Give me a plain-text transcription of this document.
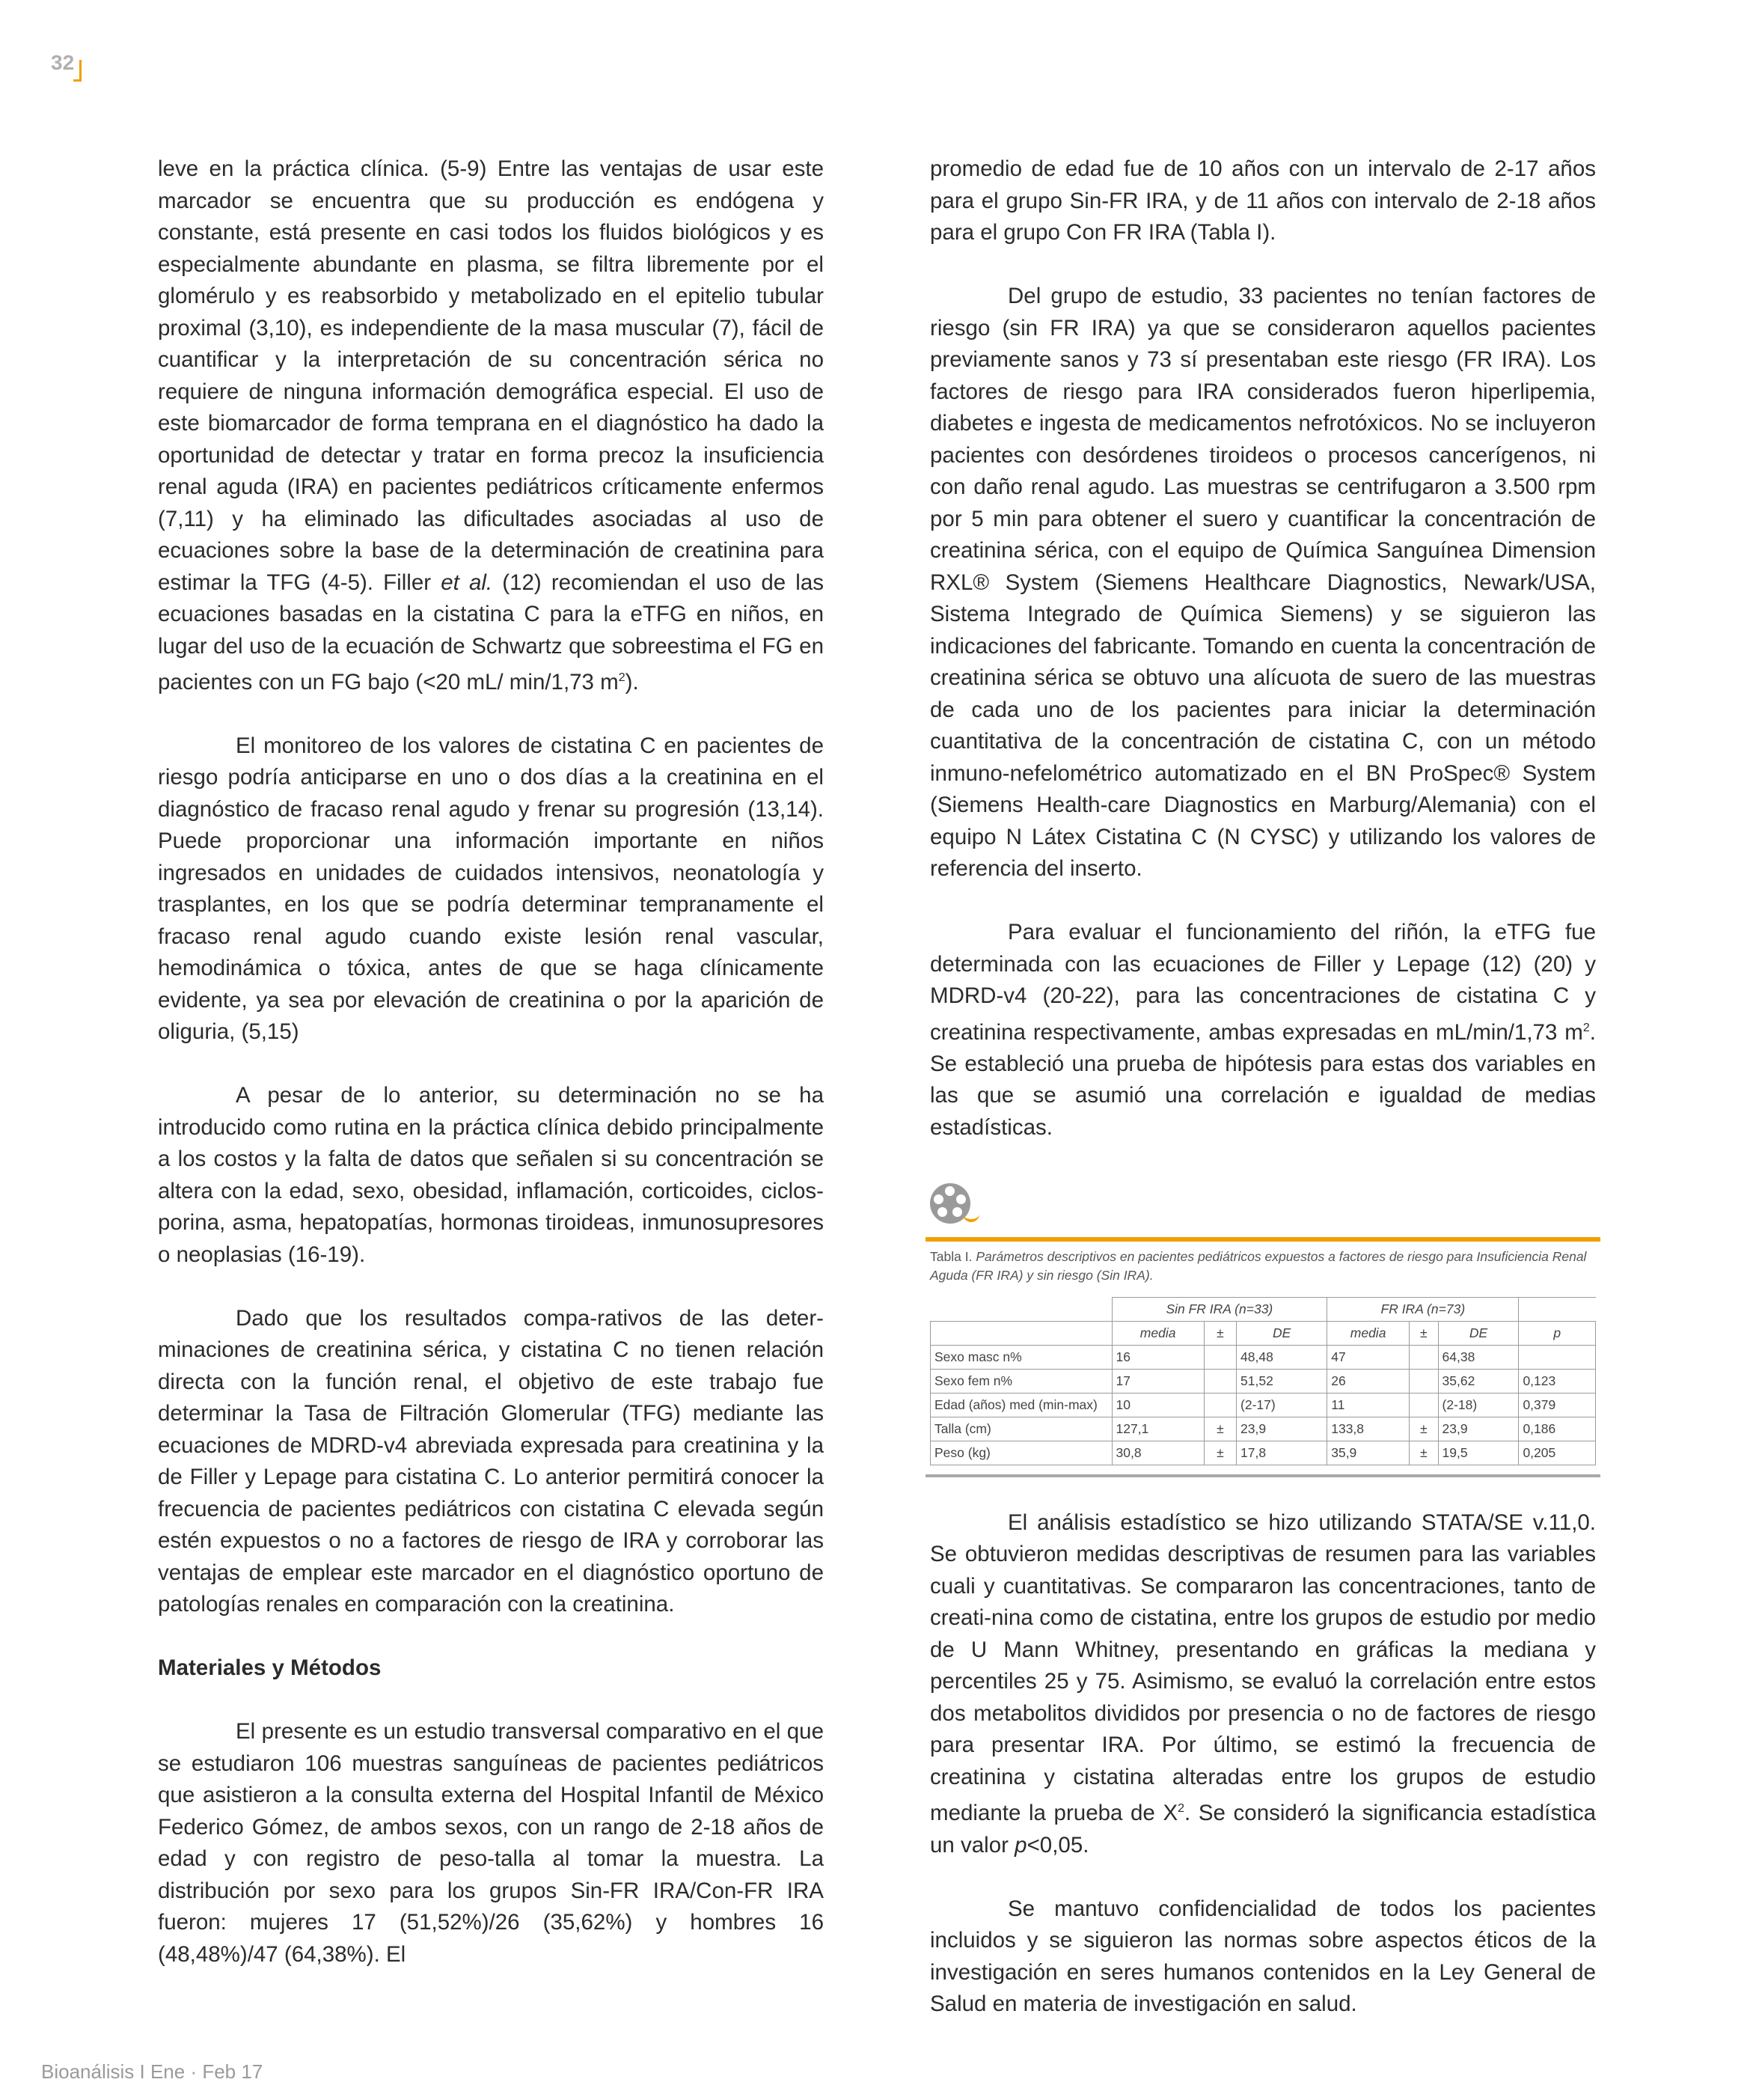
32

leve en la práctica clínica. (5-9) Entre las ventajas de usar este marcador se encuentra que su producción es endógena y constante, está presente en casi todos los fluidos biológicos y es especialmente abundante en plasma, se filtra libremente por el glomérulo y es reabsorbido y metabolizado en el epitelio tubular proximal (3,10), es independiente de la masa muscular (7), fácil de cuantificar y la interpretación de su concentración sérica no requiere de ninguna información demográfica especial. El uso de este biomarcador de forma temprana en el diagnóstico ha dado la oportunidad de detectar y tratar en forma precoz la insuficiencia renal aguda (IRA) en pacientes pediátricos críticamente enfermos (7,11) y ha eliminado las dificultades asociadas al uso de ecuaciones sobre la base de la determinación de creatinina para estimar la TFG (4-5). Filler et al. (12) recomiendan el uso de las ecuaciones basadas en la cistatina C para la eTFG en niños, en lugar del uso de la ecuación de Schwartz que sobreestima el FG en pacientes con un FG bajo (<20 mL/ min/1,73 $m^2$).

El monitoreo de los valores de cistatina C en pacientes de riesgo podría anticiparse en uno o dos días a la creatinina en el diagnóstico de fracaso renal agudo y frenar su progresión (13,14). Puede proporcionar una información importante en niños ingresados en unidades de cuidados intensivos, neonatología y trasplantes, en los que se podría determinar tempranamente el fracaso renal agudo cuando existe lesión renal vascular, hemodinámica o tóxica, antes de que se haga clínicamente evidente, ya sea por elevación de creatinina o por la aparición de oliguria, (5,15)

A pesar de lo anterior, su determinación no se ha introducido como rutina en la práctica clínica debido principalmente a los costos y la falta de datos que señalen si su concentración se altera con la edad, sexo, obesidad, inflamación, corticoides, ciclos-porina, asma, hepatopatías, hormonas tiroideas, inmunosupresores o neoplasias (16-19).

Dado que los resultados compa-rativos de las deter-minaciones de creatinina sérica, y cistatina C no tienen relación directa con la función renal, el objetivo de este trabajo fue determinar la Tasa de Filtración Glomerular (TFG) mediante las ecuaciones de MDRD-v4 abreviada expresada para creatinina y la de Filler y Lepage para cistatina C. Lo anterior permitirá conocer la frecuencia de pacientes pediátricos con cistatina C elevada según estén expuestos o no a factores de riesgo de IRA y corroborar las ventajas de emplear este marcador en el diagnóstico oportuno de patologías renales en comparación con la creatinina.

Materiales y Métodos

El presente es un estudio transversal comparativo en el que se estudiaron 106 muestras sanguíneas de pacientes pediátricos que asistieron a la consulta externa del Hospital Infantil de México Federico Gómez, de ambos sexos, con un rango de 2-18 años de edad y con registro de peso-talla al tomar la muestra. La distribución por sexo para los grupos Sin-FR IRA/Con-FR IRA fueron: mujeres 17 (51,52%)/26 (35,62%) y hombres 16 (48,48%)/47 (64,38%). El

promedio de edad fue de 10 años con un intervalo de 2-17 años para el grupo Sin-FR IRA, y de 11 años con intervalo de 2-18 años para el grupo Con FR IRA (Tabla I).

Del grupo de estudio, 33 pacientes no tenían factores de riesgo (sin FR IRA) ya que se consideraron aquellos pacientes previamente sanos y 73 sí presentaban este riesgo (FR IRA). Los factores de riesgo para IRA considerados fueron hiperlipemia, diabetes e ingesta de medicamentos nefrotóxicos. No se incluyeron pacientes con desórdenes tiroideos o procesos cancerígenos, ni con daño renal agudo. Las muestras se centrifugaron a 3.500 rpm por 5 min para obtener el suero y cuantificar la concentración de creatinina sérica, con el equipo de Química Sanguínea Dimension RXL® System (Siemens Healthcare Diagnostics, Newark/USA, Sistema Integrado de Química Siemens) y se siguieron las indicaciones del fabricante. Tomando en cuenta la concentración de creatinina sérica se obtuvo una alícuota de suero de las muestras de cada uno de los pacientes para iniciar la determinación cuantitativa de la concentración de cistatina C, con un método inmuno-nefelométrico automatizado en el BN ProSpec® System (Siemens Health-care Diagnostics en Marburg/Alemania) con el equipo N Látex Cistatina C (N CYSC) y utilizando los valores de referencia del inserto.

Para evaluar el funcionamiento del riñón, la eTFG fue determinada con las ecuaciones de Filler y Lepage (12) (20) y MDRD-v4 (20-22), para las concentraciones de cistatina C y creatinina respectivamente, ambas expresadas en mL/min/1,73 $m^2$. Se estableció una prueba de hipótesis para estas dos variables en las que se asumió una correlación e igualdad de medias estadísticas.

Tabla I. Parámetros descriptivos en pacientes pediátricos expuestos a factores de riesgo para Insuficiencia Renal Aguda (FR IRA) y sin riesgo (Sin IRA).
	Sin FR IRA (n=33)			FR IRA (n=73)			
	media	±	DE	media	±	DE	p
Sexo masc n%	16		48,48	47		64,38	
Sexo fem n%	17		51,52	26		35,62	0,123
Edad (años) med (min-max)	10		(2-17)	11		(2-18)	0,379
Talla (cm)	127,1	±	23,9	133,8	±	23,9	0,186
Peso (kg)	30,8	±	17,8	35,9	±	19,5	0,205

El análisis estadístico se hizo utilizando STATA/SE v.11,0. Se obtuvieron medidas descriptivas de resumen para las variables cuali y cuantitativas. Se compararon las concentraciones, tanto de creati-nina como de cistatina, entre los grupos de estudio por medio de U Mann Whitney, presentando en gráficas la mediana y percentiles 25 y 75. Asimismo, se evaluó la correlación entre estos dos metabolitos divididos por presencia o no de factores de riesgo para presentar IRA. Por último, se estimó la frecuencia de creatinina y cistatina alteradas entre los grupos de estudio mediante la prueba de $X^2$. Se consideró la significancia estadística un valor p<0,05.

Se mantuvo confidencialidad de todos los pacientes incluidos y se siguieron las normas sobre aspectos éticos de la investigación en seres humanos contenidos en la Ley General de Salud en materia de investigación en salud.

Bioanálisis I Ene · Feb 17
